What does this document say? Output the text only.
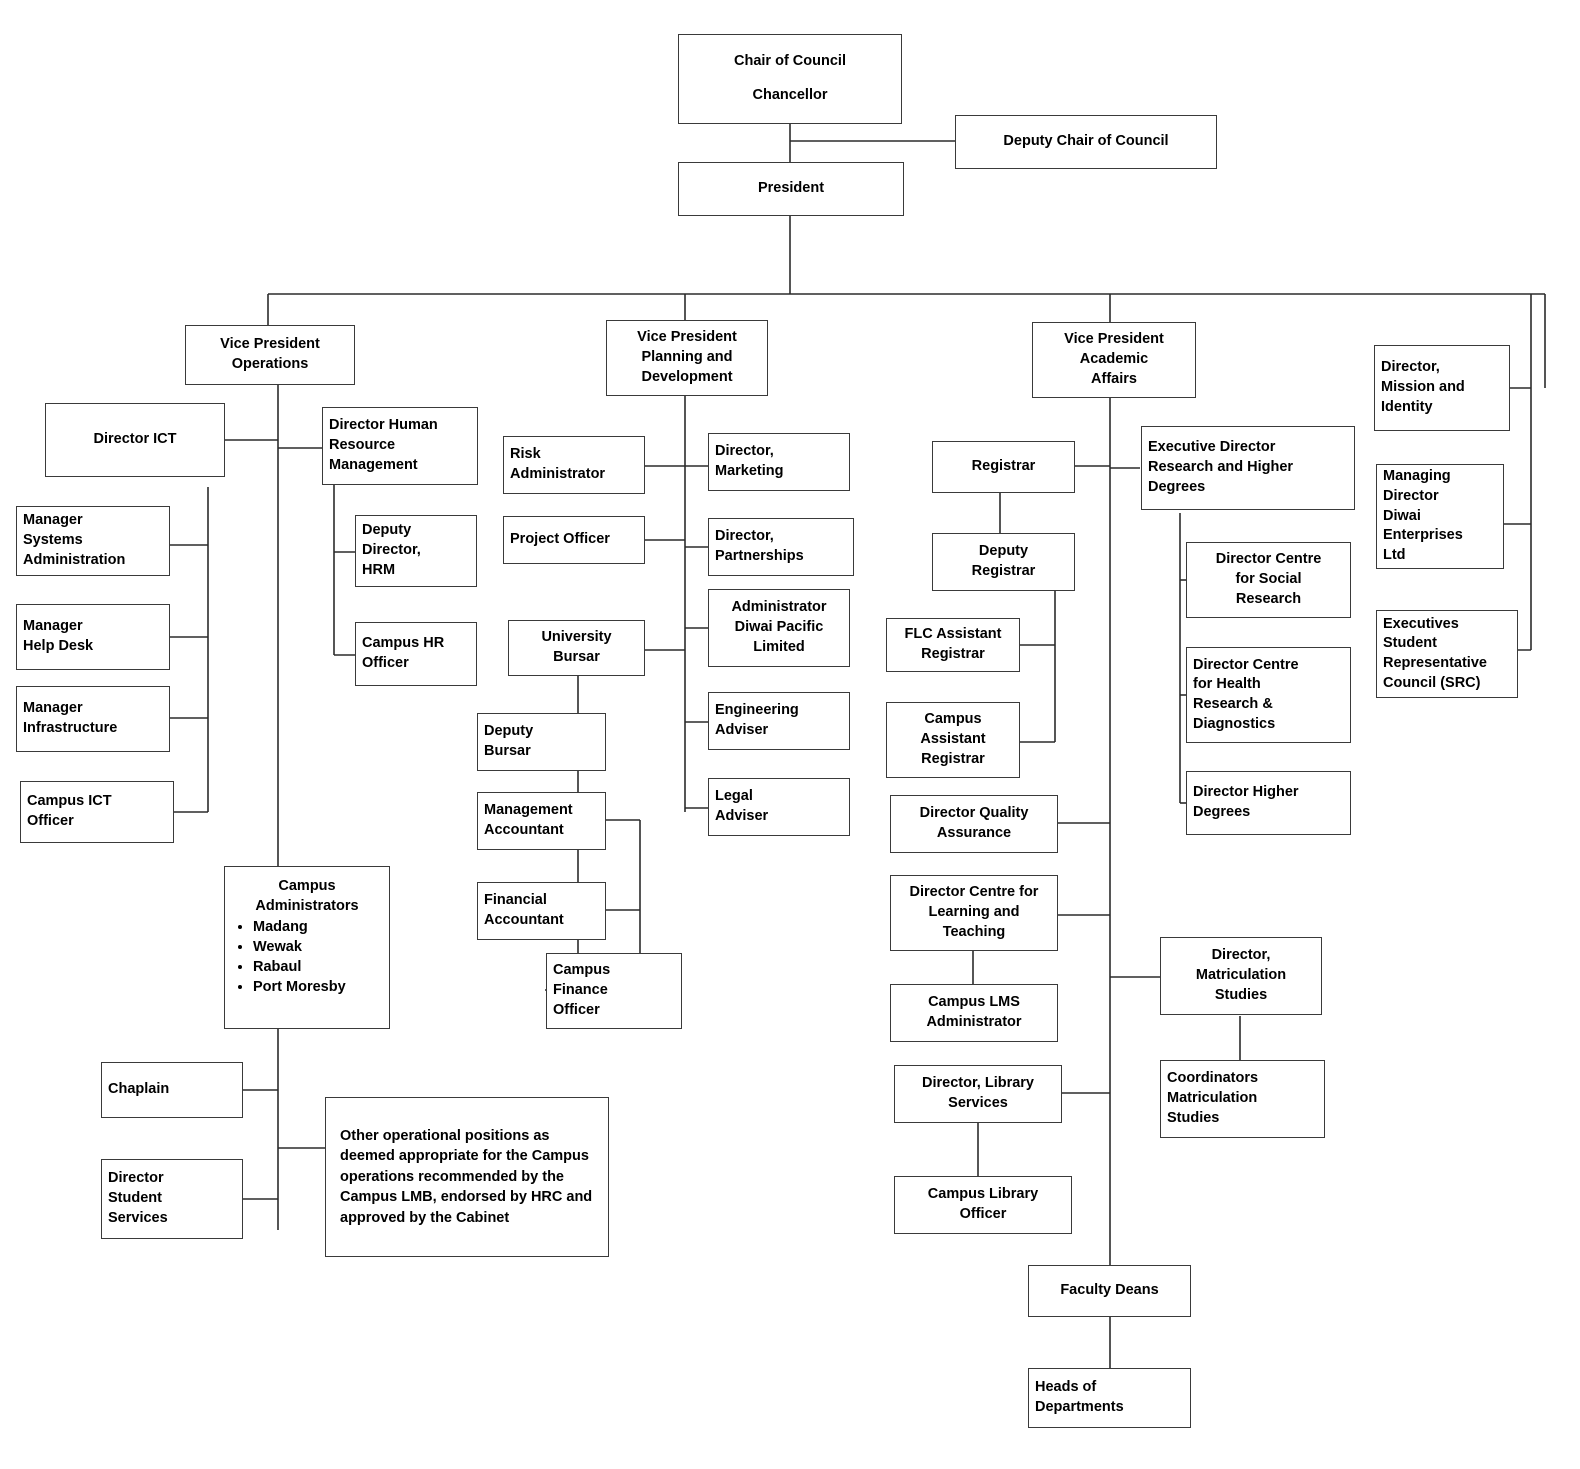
Chair of Council
Chancellor
Deputy Chair of Council
President
Vice President
Operations
Vice President
Planning and
Development
Vice President
Academic
Affairs
Director,
Mission and
Identity
Managing
Director
Diwai
Enterprises
Ltd
Executives
Student
Representative
Council (SRC)
Director ICT
Manager
Systems
Administration
Manager
Help Desk
Manager
Infrastructure
Campus ICT
Officer
Director Human
Resource
Management
Deputy
Director,
HRM
Campus HR
Officer
Campus
Administrators
• Madang
• Wewak
• Rabaul
• Port Moresby
Chaplain
Director
Student
Services
Other operational positions as deemed appropriate for the Campus operations recommended by the Campus LMB, endorsed by HRC and approved by the Cabinet
Risk
Administrator
Project Officer
University
Bursar
Deputy
Bursar
Management
Accountant
Financial
Accountant
Campus
Finance
Officer
Director,
Marketing
Director,
Partnerships
Administrator
Diwai Pacific
Limited
Engineering
Adviser
Legal
Adviser
Registrar
Deputy
Registrar
FLC Assistant
Registrar
Campus
Assistant
Registrar
Director Quality
Assurance
Director Centre for
Learning and
Teaching
Campus LMS
Administrator
Director, Library
Services
Campus Library
Officer
Executive Director
Research and Higher
Degrees
Director Centre
for Social
Research
Director Centre
for Health
Research &
Diagnostics
Director Higher
Degrees
Director,
Matriculation
Studies
Coordinators
Matriculation
Studies
Faculty Deans
Heads of
Departments
